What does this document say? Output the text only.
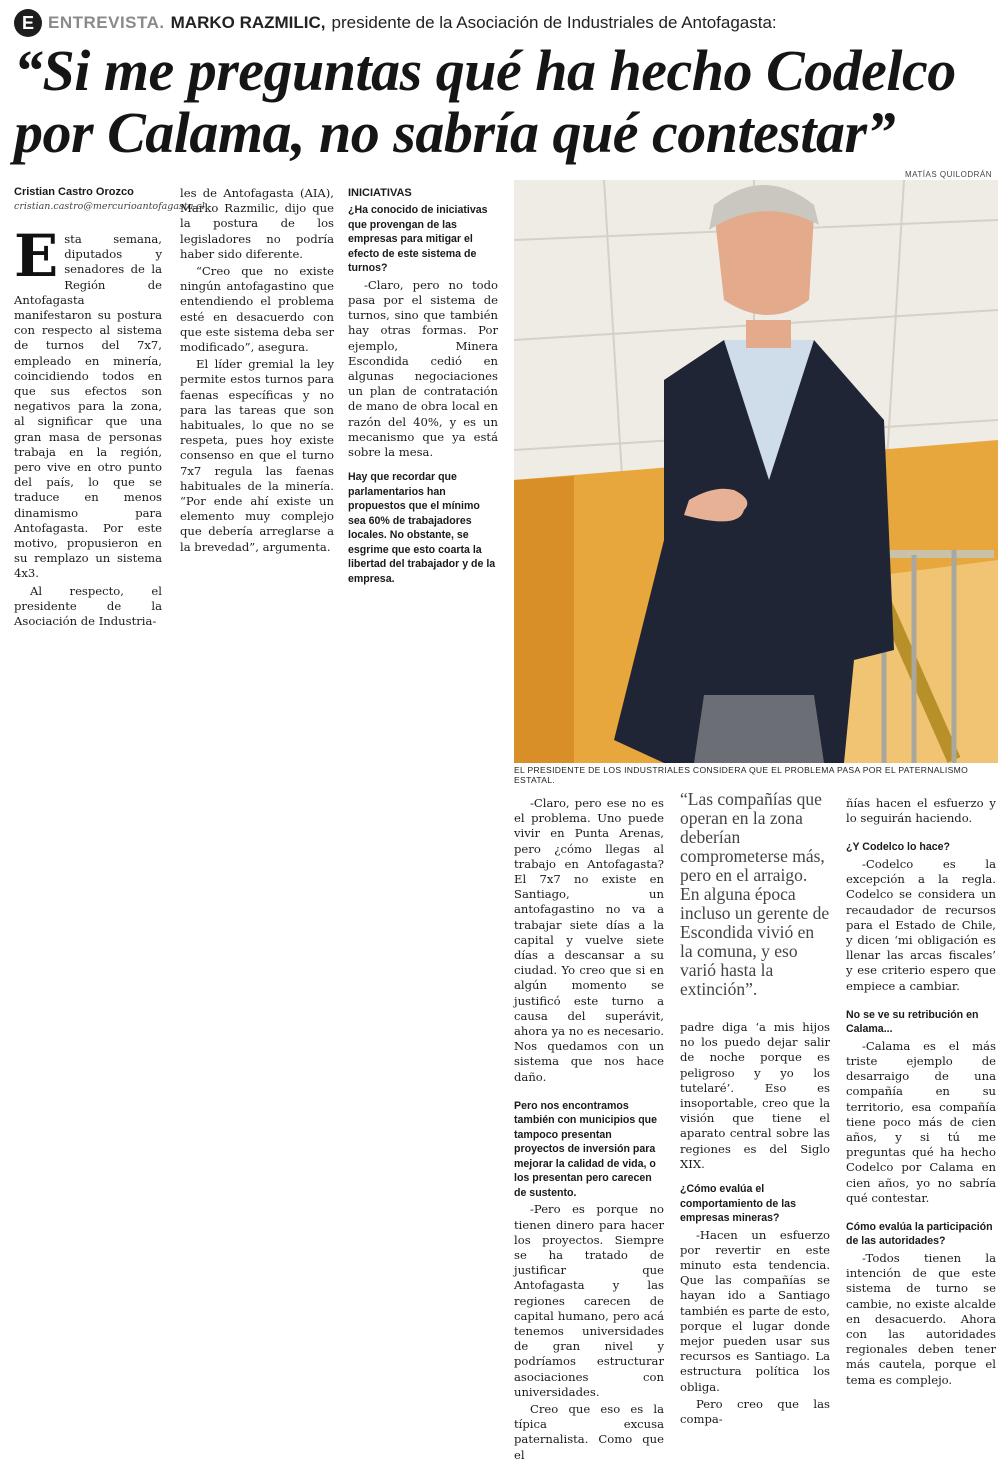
E ENTREVISTA. MARKO RAZMILIC, presidente de la Asociación de Industriales de Antofagasta:
“Si me preguntas qué ha hecho Codelco por Calama, no sabría qué contestar”
MATÍAS QUILODRÁN
Cristian Castro Orozco
cristian.castro@mercurioantofagasta.cl

Esta semana, diputados y senadores de la Región de Antofagasta manifestaron su postura con respecto al sistema de turnos del 7x7, empleado en minería, coincidiendo todos en que sus efectos son negativos para la zona, al significar que una gran masa de personas trabaja en la región, pero vive en otro punto del país, lo que se traduce en menos dinamismo para Antofagasta. Por este motivo, propusieron en su remplazo un sistema 4x3.

Al respecto, el presidente de la Asociación de Industria-

les de Antofagasta (AIA), Marko Razmilic, dijo que la postura de los legisladores no podría haber sido diferente.

“Creo que no existe ningún antofagastino que entendiendo el problema esté en desacuerdo con que este sistema deba ser modificado”, asegura.

El líder gremial la ley permite estos turnos para faenas específicas y no para las tareas que son habituales, lo que no se respeta, pues hoy existe consenso en que el turno 7x7 regula las faenas habituales de la minería. “Por ende ahí existe un elemento muy complejo que debería arreglarse a la brevedad”, argumenta.

INICIATIVAS

¿Ha conocido de iniciativas que provengan de las empresas para mitigar el efecto de este sistema de turnos?

-Claro, pero no todo pasa por el sistema de turnos, sino que también hay otras formas. Por ejemplo, Minera Escondida cedió en algunas negociaciones un plan de contratación de mano de obra local en razón del 40%, y es un mecanismo que ya está sobre la mesa.

Hay que recordar que parlamentarios han propuestos que el mínimo sea 60% de trabajadores locales. No obstante, se esgrime que esto coarta la libertad del trabajador y de la empresa.

EL PRESIDENTE DE LOS INDUSTRIALES CONSIDERA QUE EL PROBLEMA PASA POR EL PATERNALISMO ESTATAL.

-Claro, pero ese no es el problema. Uno puede vivir en Punta Arenas, pero ¿cómo llegas al trabajo en Antofagasta? El 7x7 no existe en Santiago, un antofagastino no va a trabajar siete días a la capital y vuelve siete días a descansar a su ciudad. Yo creo que si en algún momento se justificó este turno a causa del superávit, ahora ya no es necesario. Nos quedamos con un sistema que nos hace daño.

Pero nos encontramos también con municipios que tampoco presentan proyectos de inversión para mejorar la calidad de vida, o los presentan pero carecen de sustento.

-Pero es porque no tienen dinero para hacer los proyectos. Siempre se ha tratado de justificar que Antofagasta y las regiones carecen de capital humano, pero acá tenemos universidades de gran nivel y podríamos estructurar asociaciones con universidades.

Creo que eso es la típica excusa paternalista. Como que el

“Las compañías que operan en la zona deberían comprometerse más, pero en el arraigo. En alguna época incluso un gerente de Escondida vivió en la comuna, y eso varió hasta la extinción”.

padre diga ‘a mis hijos no los puedo dejar salir de noche porque es peligroso y yo los tutelaré’. Eso es insoportable, creo que la visión que tiene el aparato central sobre las regiones es del Siglo XIX.

¿Cómo evalúa el comportamiento de las empresas mineras?

-Hacen un esfuerzo por revertir en este minuto esta tendencia. Que las compañías se hayan ido a Santiago también es parte de esto, porque el lugar donde mejor pueden usar sus recursos es Santiago. La estructura política los obliga.

Pero creo que las compa-

ñías hacen el esfuerzo y lo seguirán haciendo.

¿Y Codelco lo hace?

-Codelco es la excepción a la regla. Codelco se considera un recaudador de recursos para el Estado de Chile, y dicen ‘mi obligación es llenar las arcas fiscales’ y ese criterio espero que empiece a cambiar.

No se ve su retribución en Calama...

-Calama es el más triste ejemplo de desarraigo de una compañía en su territorio, esa compañía tiene poco más de cien años, y si tú me preguntas qué ha hecho Codelco por Calama en cien años, yo no sabría qué contestar.

Cómo evalúa la participación de las autoridades?

-Todos tienen la intención de que este sistema de turno se cambie, no existe alcalde en desacuerdo. Ahora con las autoridades regionales deben tener más cautela, porque el tema es complejo.
